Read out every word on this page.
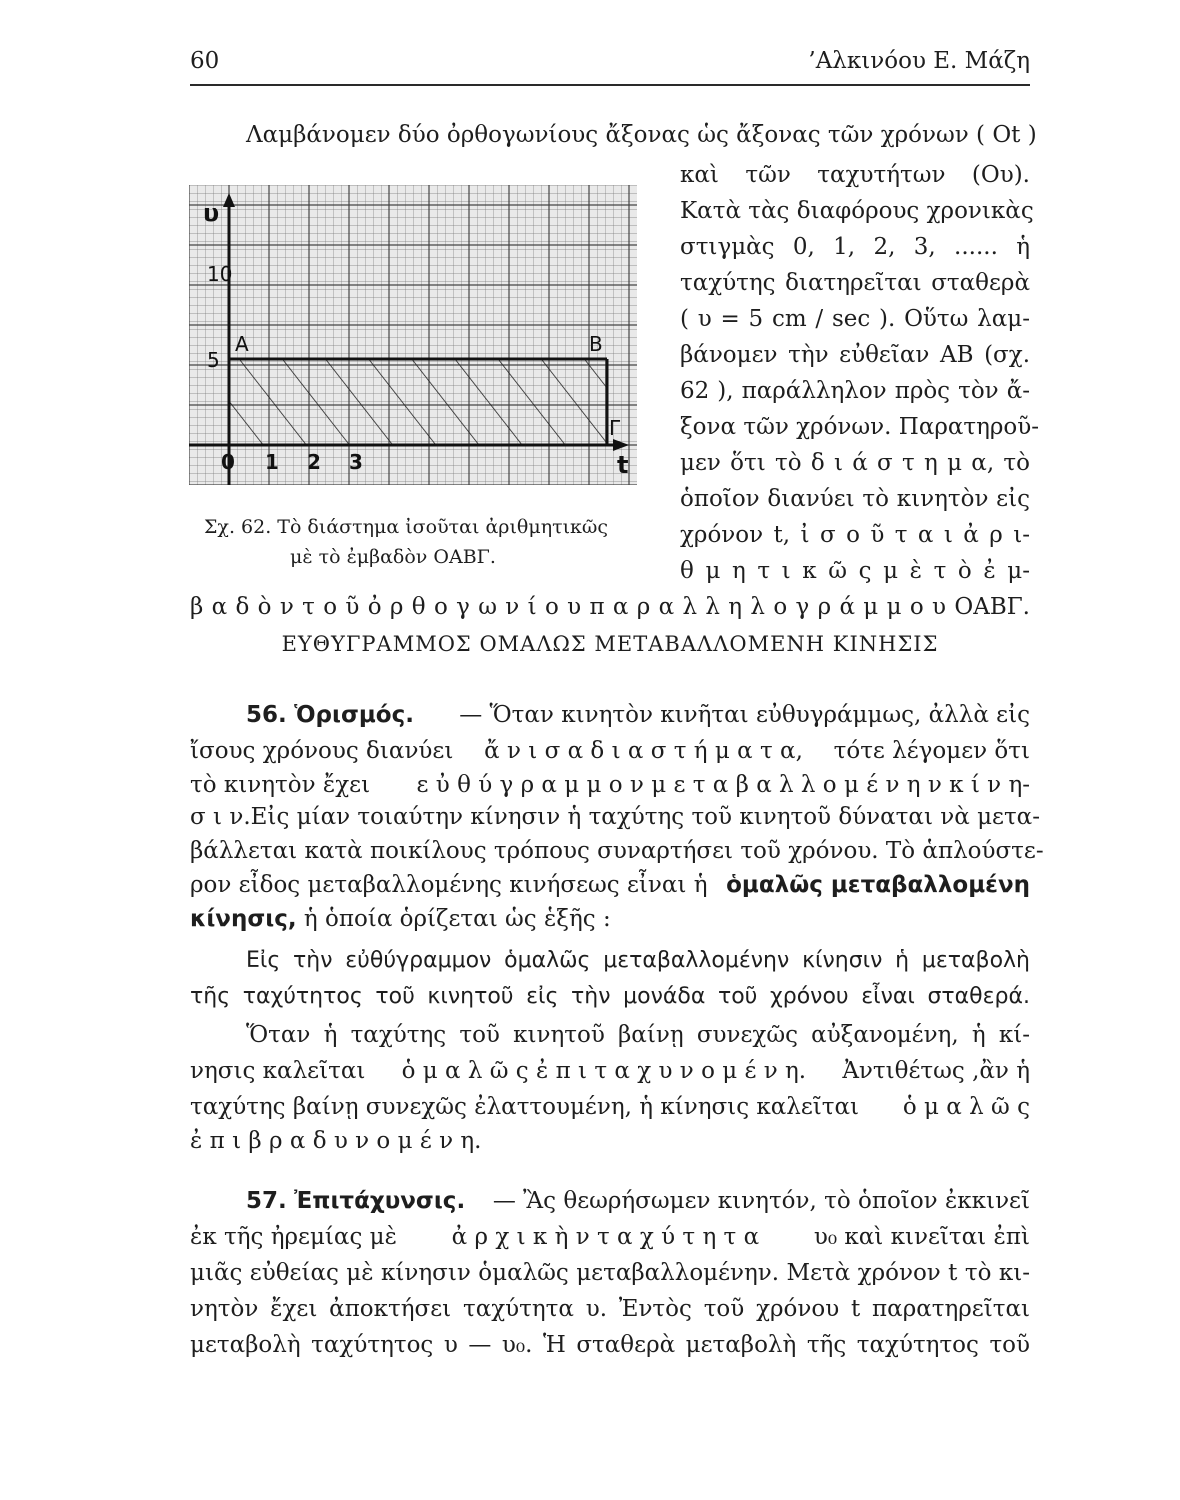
60	’Αλκινόου Ε. Μάζη
Λαμβάνομεν δύο ὀρθογωνίους ἄξονας ὡς ἄξονας τῶν χρόνων ( Οt )
καὶ τῶν ταχυτήτων (Ου).
Κατὰ τὰς διαφόρους χρονικὰς
στιγμὰς 0, 1, 2, 3, ...... ἡ
ταχύτης διατηρεῖται σταθερὰ
( υ = 5 cm / sec ). Οὕτω λαμ-
βάνομεν τὴν εὐθεῖαν ΑΒ (σχ.
62 ), παράλληλον πρὸς τὸν ἄ-
ξονα τῶν χρόνων. Παρατηροῦ-
μεν ὅτι τὸ δ ι ά σ τ η μ α, τὸ
ὁποῖον διανύει τὸ κινητὸν εἰς
χρόνον t, ἰ σ ο ῦ τ α ι ἀ ρ ι-
θ μ η τ ι κ ῶ ς μ ὲ τ ὸ ἐ μ-
β α δ ὸ ν τ ο ῦ ὀ ρ θ ο γ ω ν ί ο υ π α ρ α λ λ η λ ο γ ρ ά μ μ ο υ ΟΑΒΓ.
υ
t
10
5
0 1 2 3
Α	Β
Γ
Σχ. 62. Τὸ διάστημα ἰσοῦται ἀριθμητικῶς
μὲ τὸ ἐμβαδὸν ΟΑΒΓ.
ΕΥΘΥΓΡΑΜΜΟΣ ΟΜΑΛΩΣ ΜΕΤΑΒΑΛΛΟΜΕΝΗ ΚΙΝΗΣΙΣ
56. Ὁρισμός. — Ὅταν κινητὸν κινῆται εὐθυγράμμως, ἀλλὰ εἰς
ἴσους χρόνους διανύει ἄ ν ι σ α δ ι α σ τ ή μ α τ α, τότε λέγομεν ὅτι
τὸ κινητὸν ἔχει ε ὐ θ ύ γ ρ α μ μ ο ν μ ε τ α β α λ λ ο μ έ ν η ν κ ί ν η-
σ ι ν. Εἰς μίαν τοιαύτην κίνησιν ἡ ταχύτης τοῦ κινητοῦ δύναται νὰ μετα-
βάλλεται κατὰ ποικίλους τρόπους συναρτήσει τοῦ χρόνου. Τὸ ἁπλούστε-
ρον εἶδος μεταβαλλομένης κινήσεως εἶναι ἡ ὁμαλῶς μεταβαλλομένη
κίνησις, ἡ ὁποία ὁρίζεται ὡς ἑξῆς :
Εἰς τὴν εὐθύγραμμον ὁμαλῶς μεταβαλλομένην κίνησιν ἡ μεταβολὴ
τῆς ταχύτητος τοῦ κινητοῦ εἰς τὴν μονάδα τοῦ χρόνου εἶναι σταθερά.
Ὅταν ἡ ταχύτης τοῦ κινητοῦ βαίνῃ συνεχῶς αὐξανομένη, ἡ κί-
νησις καλεῖται ὁ μ α λ ῶ ς ἐ π ι τ α χ υ ν ο μ έ ν η. Ἀντιθέτως ,ἂν ἡ
ταχύτης βαίνῃ συνεχῶς ἐλαττουμένη, ἡ κίνησις καλεῖται ὁ μ α λ ῶ ς
ἐ π ι β ρ α δ υ ν ο μ έ ν η.
57. Ἐπιτάχυνσις. — Ἂς θεωρήσωμεν κινητόν, τὸ ὁποῖον ἐκκινεῖ
ἐκ τῆς ἠρεμίας μὲ ἀ ρ χ ι κ ὴ ν τ α χ ύ τ η τ α υ₀ καὶ κινεῖται ἐπὶ
μιᾶς εὐθείας μὲ κίνησιν ὁμαλῶς μεταβαλλομένην. Μετὰ χρόνον t τὸ κι-
νητὸν ἔχει ἀποκτήσει ταχύτητα υ. Ἐντὸς τοῦ χρόνου t παρατηρεῖται
μεταβολὴ ταχύτητος υ — υ₀. Ἡ σταθερὰ μεταβολὴ τῆς ταχύτητος τοῦ
